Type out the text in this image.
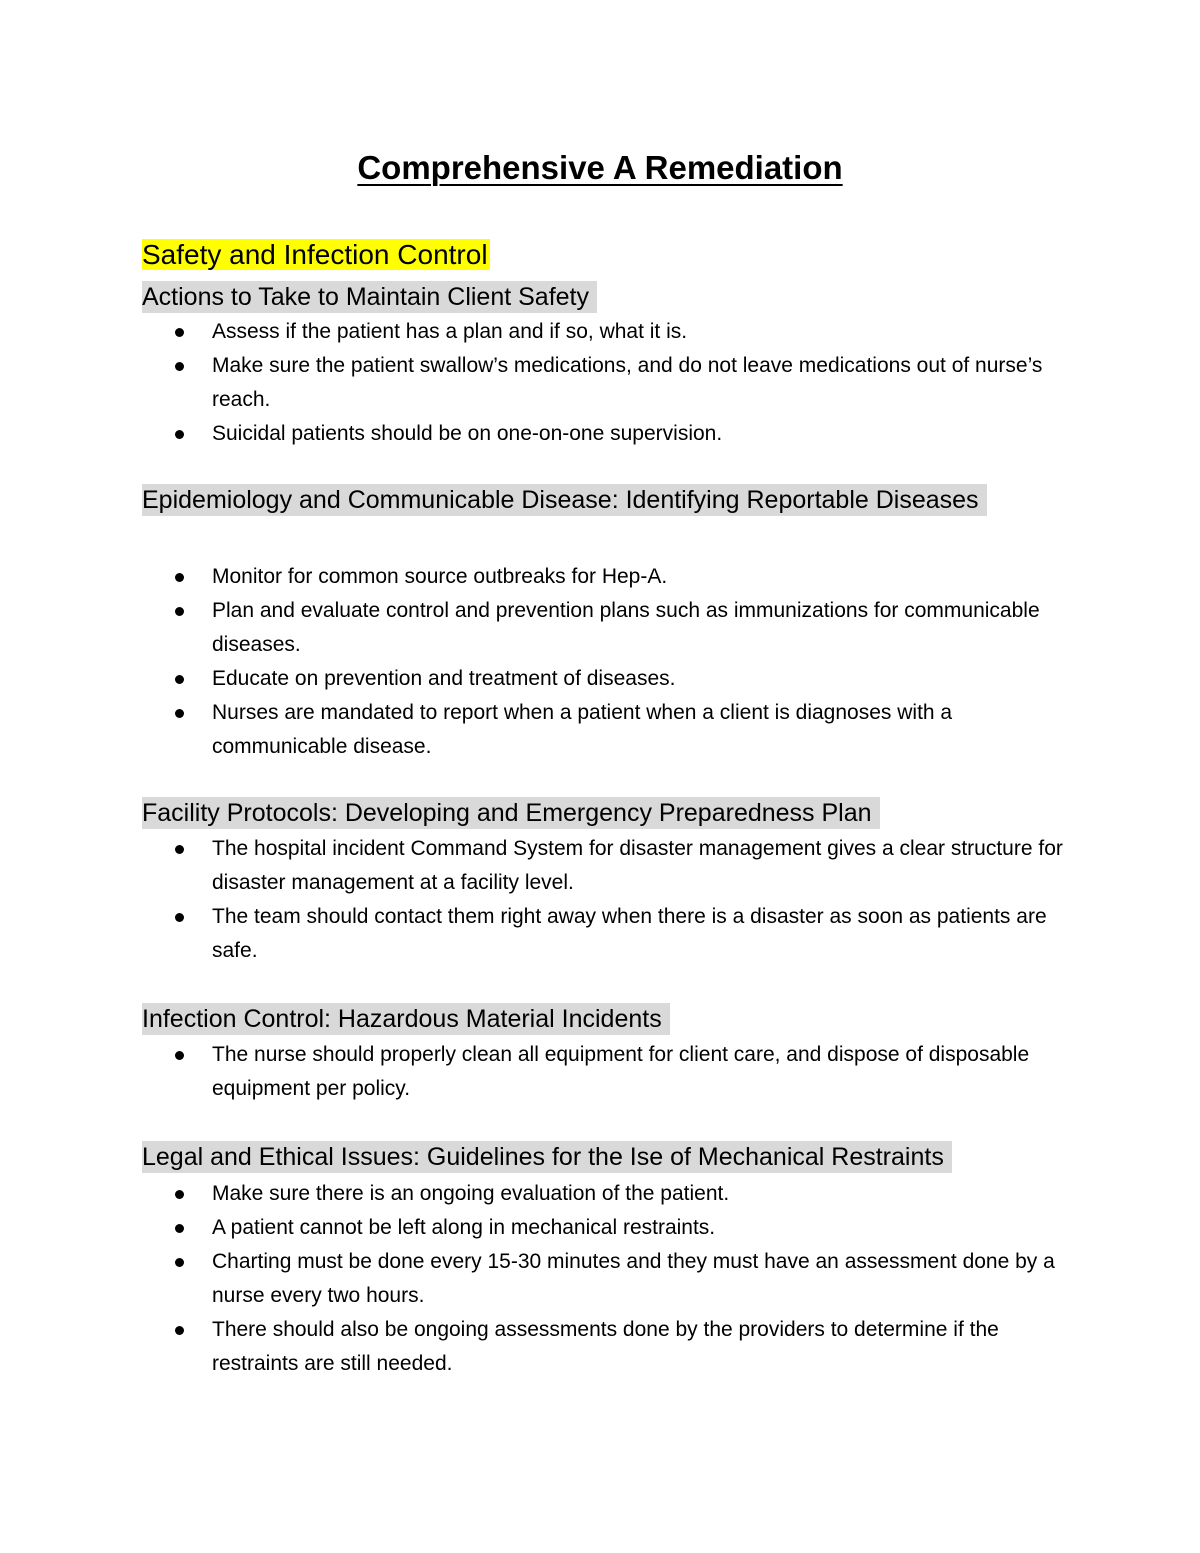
Comprehensive A Remediation
Safety and Infection Control
Actions to Take to Maintain Client Safety
Assess if the patient has a plan and if so, what it is.
Make sure the patient swallow’s medications, and do not leave medications out of nurse’s reach.
Suicidal patients should be on one-on-one supervision.
Epidemiology and Communicable Disease: Identifying Reportable Diseases
Monitor for common source outbreaks for Hep-A.
Plan and evaluate control and prevention plans such as immunizations for communicable diseases.
Educate on prevention and treatment of diseases.
Nurses are mandated to report when a patient when a client is diagnoses with a communicable disease.
Facility Protocols: Developing and Emergency Preparedness Plan
The hospital incident Command System for disaster management gives a clear structure for disaster management at a facility level.
The team should contact them right away when there is a disaster as soon as patients are safe.
Infection Control: Hazardous Material Incidents
The nurse should properly clean all equipment for client care, and dispose of disposable equipment per policy.
Legal and Ethical Issues: Guidelines for the Ise of Mechanical Restraints
Make sure there is an ongoing evaluation of the patient.
A patient cannot be left along in mechanical restraints.
Charting must be done every 15-30 minutes and they must have an assessment done by a nurse every two hours.
There should also be ongoing assessments done by the providers to determine if the restraints are still needed.
